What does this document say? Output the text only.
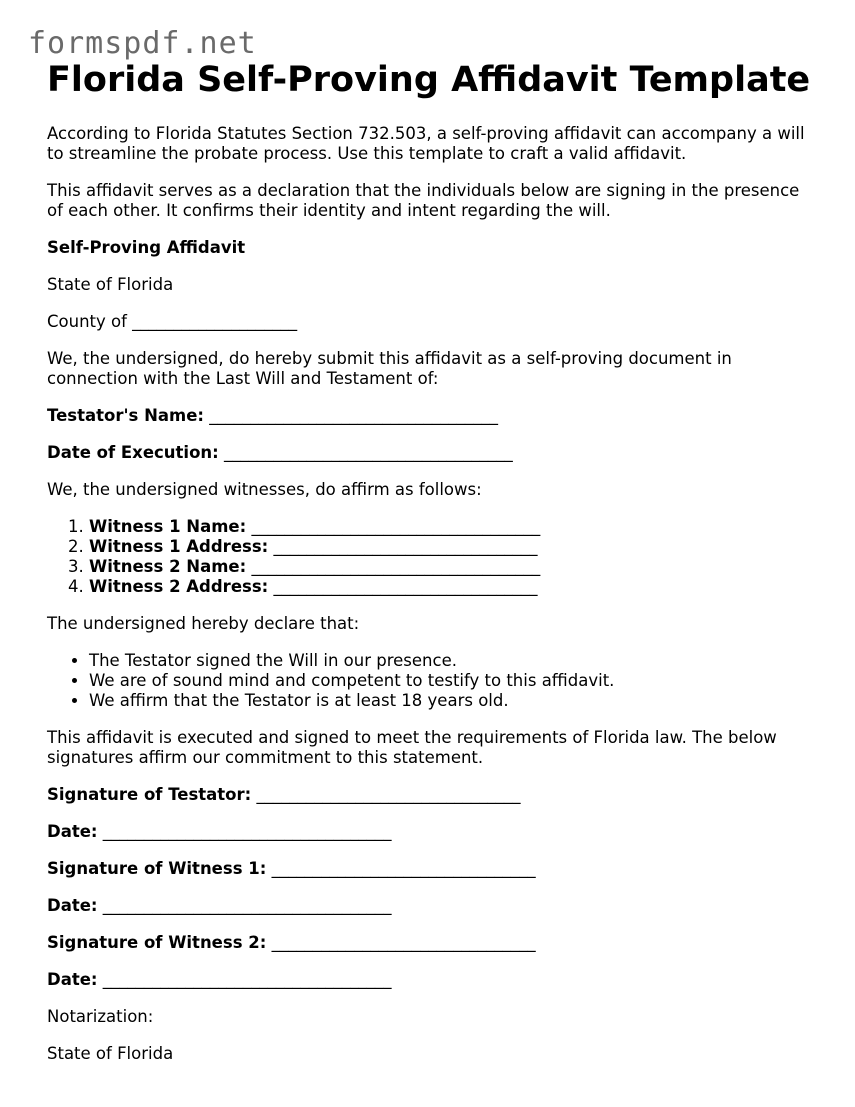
formspdf.net
Florida Self-Proving Affidavit Template

According to Florida Statutes Section 732.503, a self-proving affidavit can accompany a will to streamline the probate process. Use this template to craft a valid affidavit.

This affidavit serves as a declaration that the individuals below are signing in the presence of each other. It confirms their identity and intent regarding the will.

Self-Proving Affidavit

State of Florida

County of ____________________

We, the undersigned, do hereby submit this affidavit as a self-proving document in connection with the Last Will and Testament of:

Testator's Name: ___________________________________

Date of Execution: ___________________________________

We, the undersigned witnesses, do affirm as follows:

1. Witness 1 Name: ___________________________________
2. Witness 1 Address: ________________________________
3. Witness 2 Name: ___________________________________
4. Witness 2 Address: ________________________________

The undersigned hereby declare that:

• The Testator signed the Will in our presence.
• We are of sound mind and competent to testify to this affidavit.
• We affirm that the Testator is at least 18 years old.

This affidavit is executed and signed to meet the requirements of Florida law. The below signatures affirm our commitment to this statement.

Signature of Testator: ________________________________

Date: ___________________________________

Signature of Witness 1: ________________________________

Date: ___________________________________

Signature of Witness 2: ________________________________

Date: ___________________________________

Notarization:

State of Florida
